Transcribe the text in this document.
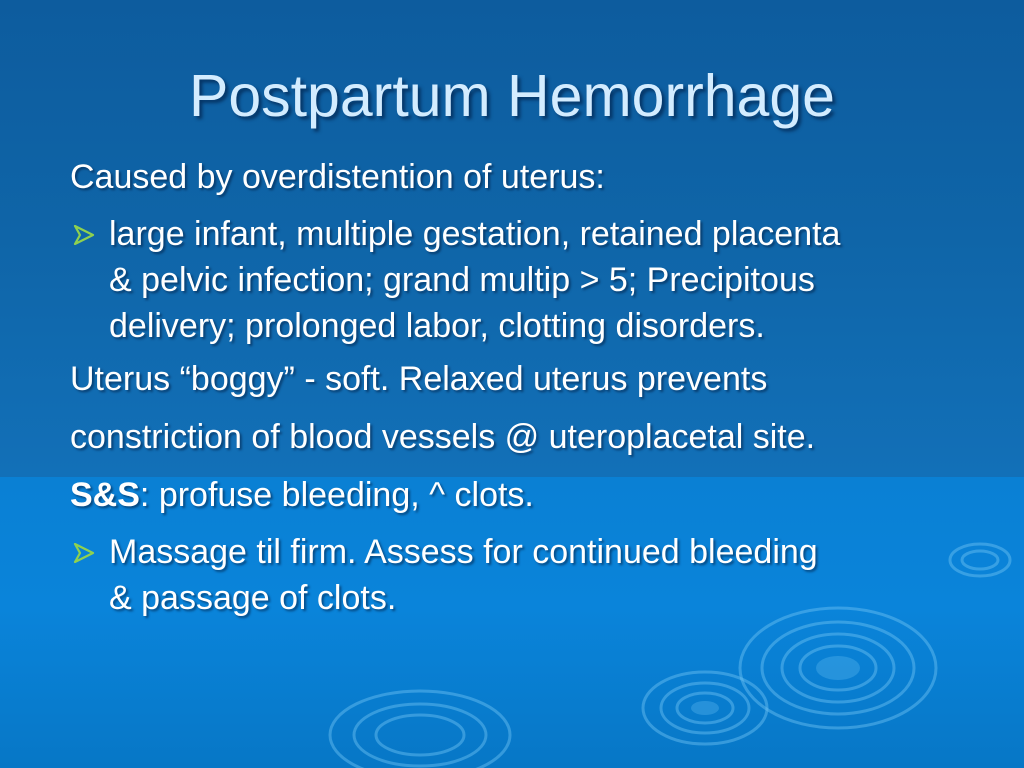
Postpartum Hemorrhage
Caused by overdistention of uterus:
large infant, multiple gestation, retained placenta
& pelvic infection; grand multip > 5; Precipitous
delivery; prolonged labor, clotting disorders.
Uterus “boggy” - soft. Relaxed uterus prevents
constriction of blood vessels @ uteroplacetal site.
S&S: profuse bleeding, ^ clots.
Massage til firm. Assess for continued bleeding
& passage of clots.
